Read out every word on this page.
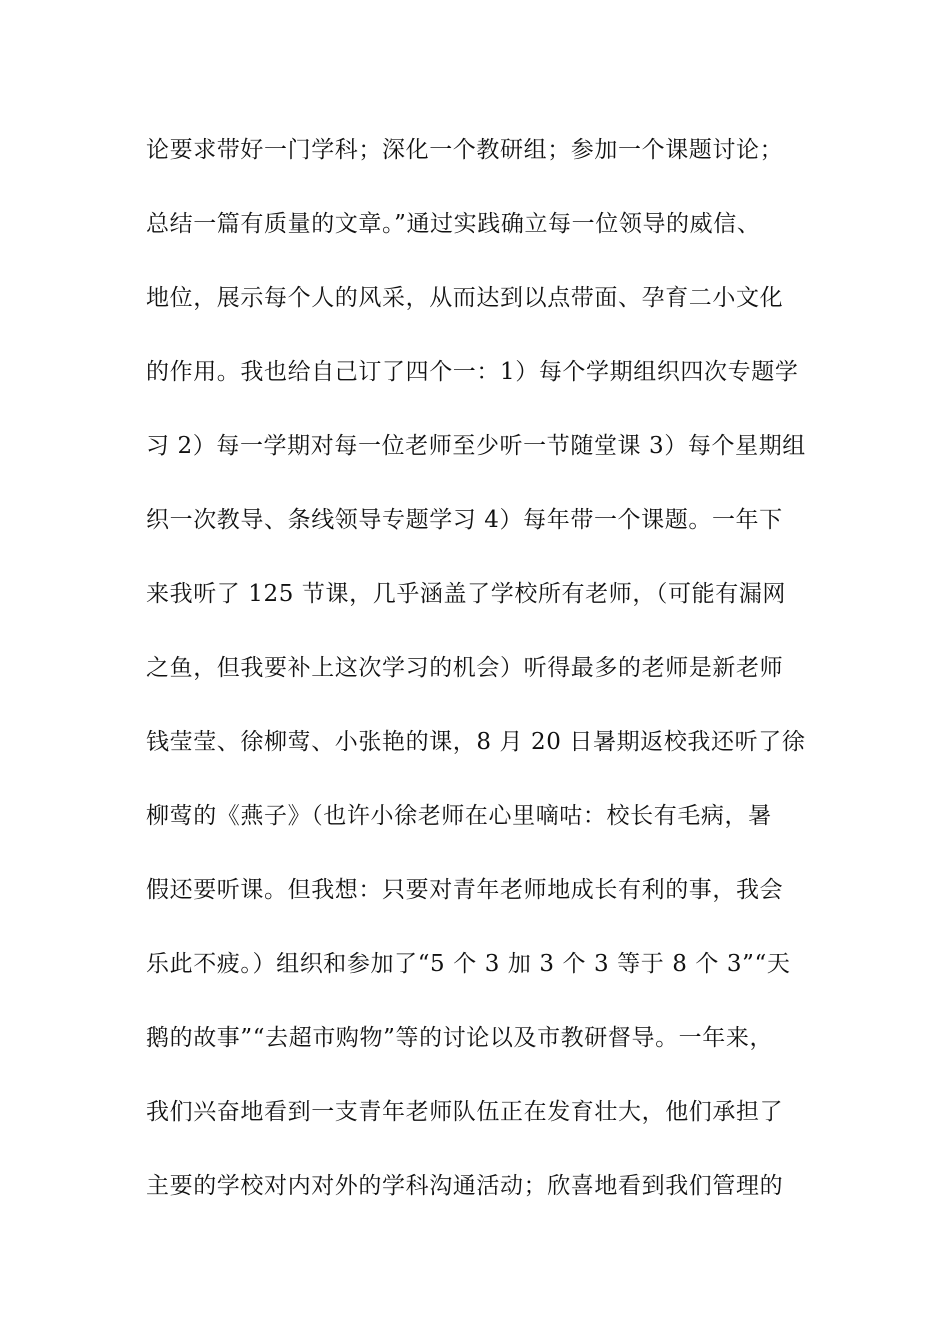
论要求带好一门学科；深化一个教研组；参加一个课题讨论；
总结一篇有质量的文章。”通过实践确立每一位领导的威信、
地位，展示每个人的风采，从而达到以点带面、孕育二小文化
的作用。我也给自己订了四个一：1）每个学期组织四次专题学
习 2）每一学期对每一位老师至少听一节随堂课 3）每个星期组
织一次教导、条线领导专题学习 4）每年带一个课题。一年下
来我听了 125 节课，几乎涵盖了学校所有老师，（可能有漏网
之鱼，但我要补上这次学习的机会）听得最多的老师是新老师
钱莹莹、徐柳莺、小张艳的课，8 月 20 日暑期返校我还听了徐
柳莺的《燕子》（也许小徐老师在心里嘀咕：校长有毛病，暑
假还要听课。但我想：只要对青年老师地成长有利的事，我会
乐此不疲。）组织和参加了“5 个 3 加 3 个 3 等于 8 个 3”“天
鹅的故事”“去超市购物”等的讨论以及市教研督导。一年来，
我们兴奋地看到一支青年老师队伍正在发育壮大，他们承担了
主要的学校对内对外的学科沟通活动；欣喜地看到我们管理的
